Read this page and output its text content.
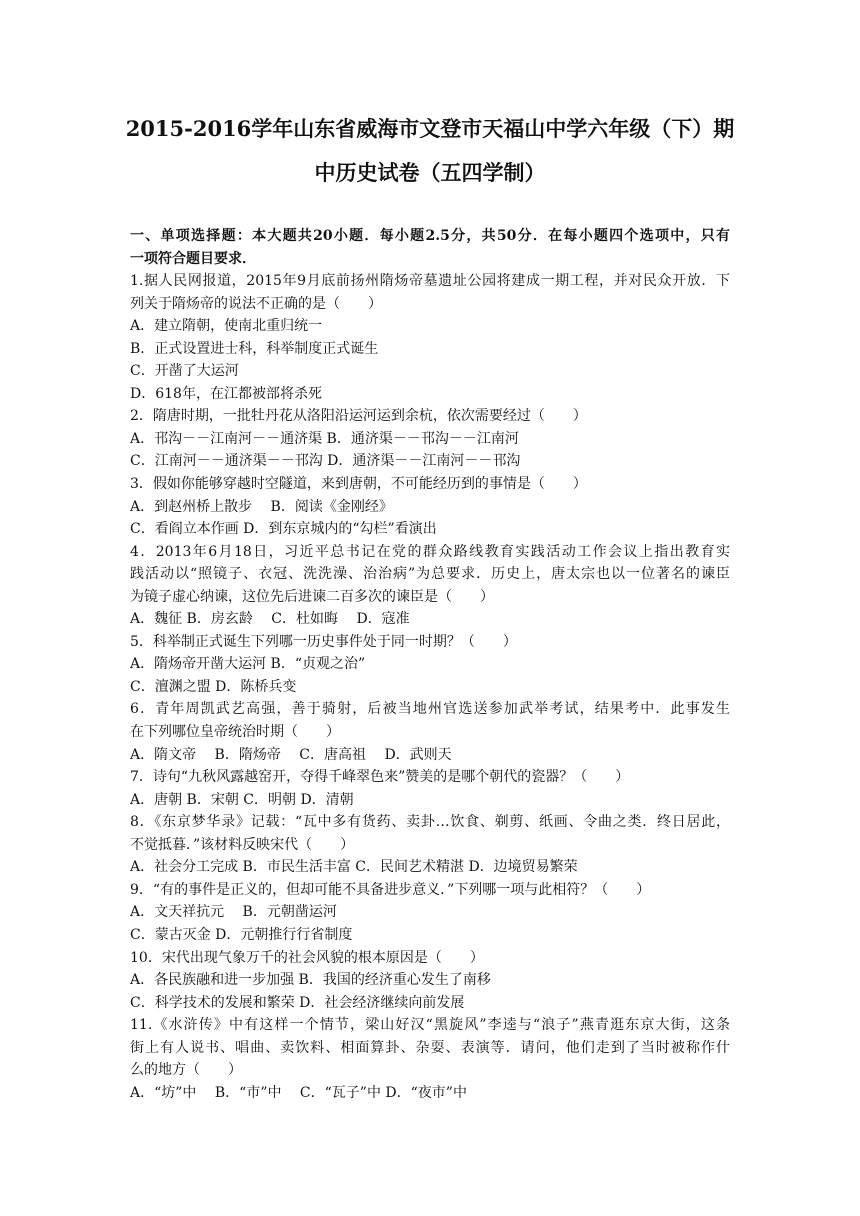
2015-2016学年山东省威海市文登市天福山中学六年级（下）期
中历史试卷（五四学制）
一、单项选择题：本大题共20小题．每小题2.5分，共50分．在每小题四个选项中，只有
一项符合题目要求．
1.据人民网报道，2015年9月底前扬州隋炀帝墓遗址公园将建成一期工程，并对民众开放．下
列关于隋炀帝的说法不正确的是（　　）
A．建立隋朝，使南北重归统一
B．正式设置进士科，科举制度正式诞生
C．开凿了大运河
D．618年，在江都被部将杀死
2．隋唐时期，一批牡丹花从洛阳沿运河运到余杭，依次需要经过（　　）
A．邗沟－－江南河－－通济渠 B．通济渠－－邗沟－－江南河
C．江南河－－通济渠－－邗沟 D．通济渠－－江南河－－邗沟
3．假如你能够穿越时空隧道，来到唐朝，不可能经历到的事情是（　　）
A．到赵州桥上散步　 B．阅读《金刚经》
C．看阎立本作画 D．到东京城内的“勾栏”看演出
4．2013年6月18日，习近平总书记在党的群众路线教育实践活动工作会议上指出教育实
践活动以“照镜子、衣冠、洗洗澡、治治病”为总要求．历史上，唐太宗也以一位著名的谏臣
为镜子虚心纳谏，这位先后进谏二百多次的谏臣是（　　）
A．魏征 B．房玄龄　 C．杜如晦　 D．寇准
5．科举制正式诞生下列哪一历史事件处于同一时期？（　　）
A．隋炀帝开凿大运河 B．“贞观之治”
C．澶渊之盟 D．陈桥兵变
6．青年周凯武艺高强，善于骑射，后被当地州官选送参加武举考试，结果考中．此事发生
在下列哪位皇帝统治时期（　　）
A．隋文帝　 B．隋炀帝　 C．唐高祖　 D．武则天
7．诗句“九秋风露越窑开，夺得千峰翠色来”赞美的是哪个朝代的瓷器？（　　）
A．唐朝 B．宋朝 C．明朝 D．清朝
8．《东京梦华录》记载：“瓦中多有货药、卖卦…饮食、剃剪、纸画、令曲之类．终日居此，
不觉抵暮．”该材料反映宋代（　　）
A．社会分工完成 B．市民生活丰富 C．民间艺术精湛 D．边境贸易繁荣
9．“有的事件是正义的，但却可能不具备进步意义．”下列哪一项与此相符？（　　）
A．文天祥抗元　 B．元朝凿运河
C．蒙古灭金 D．元朝推行行省制度
10．宋代出现气象万千的社会风貌的根本原因是（　　）
A．各民族融和进一步加强 B．我国的经济重心发生了南移
C．科学技术的发展和繁荣 D．社会经济继续向前发展
11.《水浒传》中有这样一个情节，梁山好汉“黑旋风”李逵与“浪子”燕青逛东京大街，这条
街上有人说书、唱曲、卖饮料、相面算卦、杂耍、表演等．请问，他们走到了当时被称作什
么的地方（　　）
A．“坊”中　 B．“市”中　 C．“瓦子”中 D．“夜市”中
